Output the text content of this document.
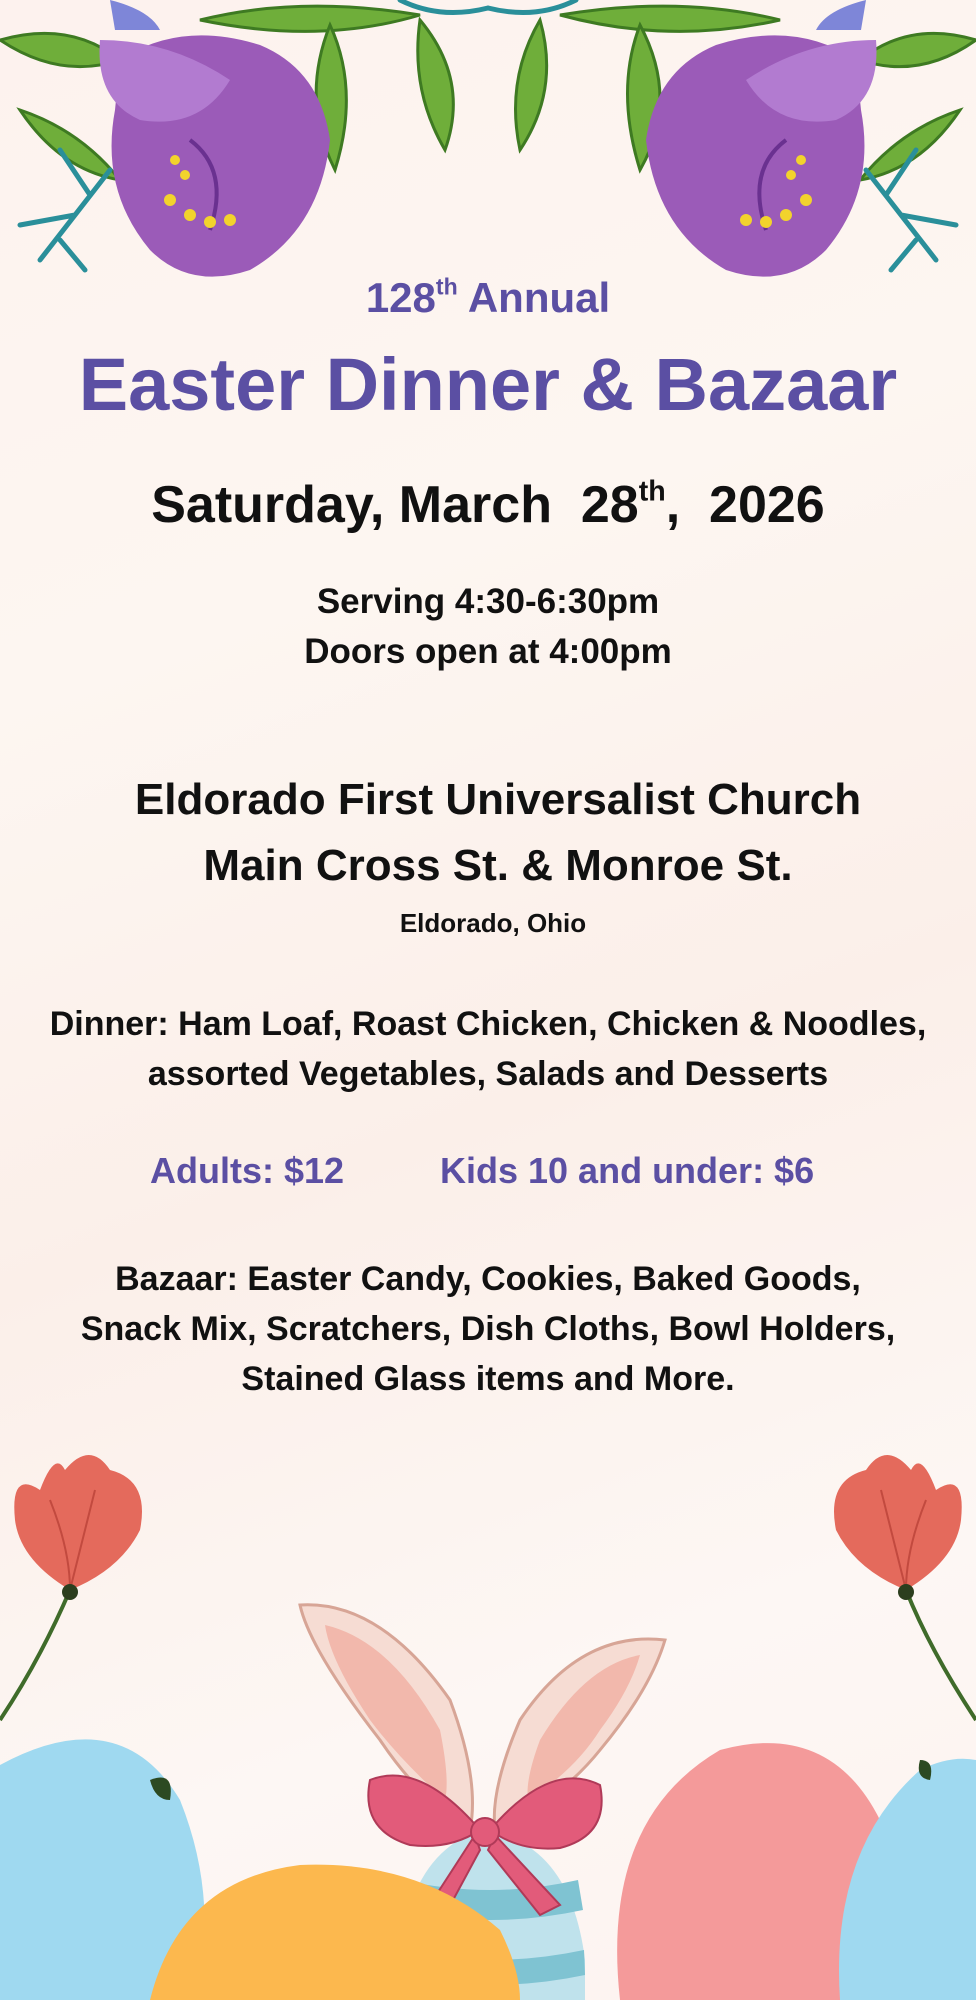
128th Annual
Easter Dinner & Bazaar
Saturday, March  28th,  2026
Serving 4:30-6:30pm
Doors open at 4:00pm
Eldorado First Universalist Church
Main Cross St. & Monroe St.
Eldorado, Ohio
Dinner: Ham Loaf, Roast Chicken, Chicken & Noodles,
assorted Vegetables, Salads and Desserts
Adults: $12	Kids 10 and under: $6
Bazaar: Easter Candy, Cookies, Baked Goods,
Snack Mix, Scratchers, Dish Cloths, Bowl Holders,
Stained Glass items and More.
